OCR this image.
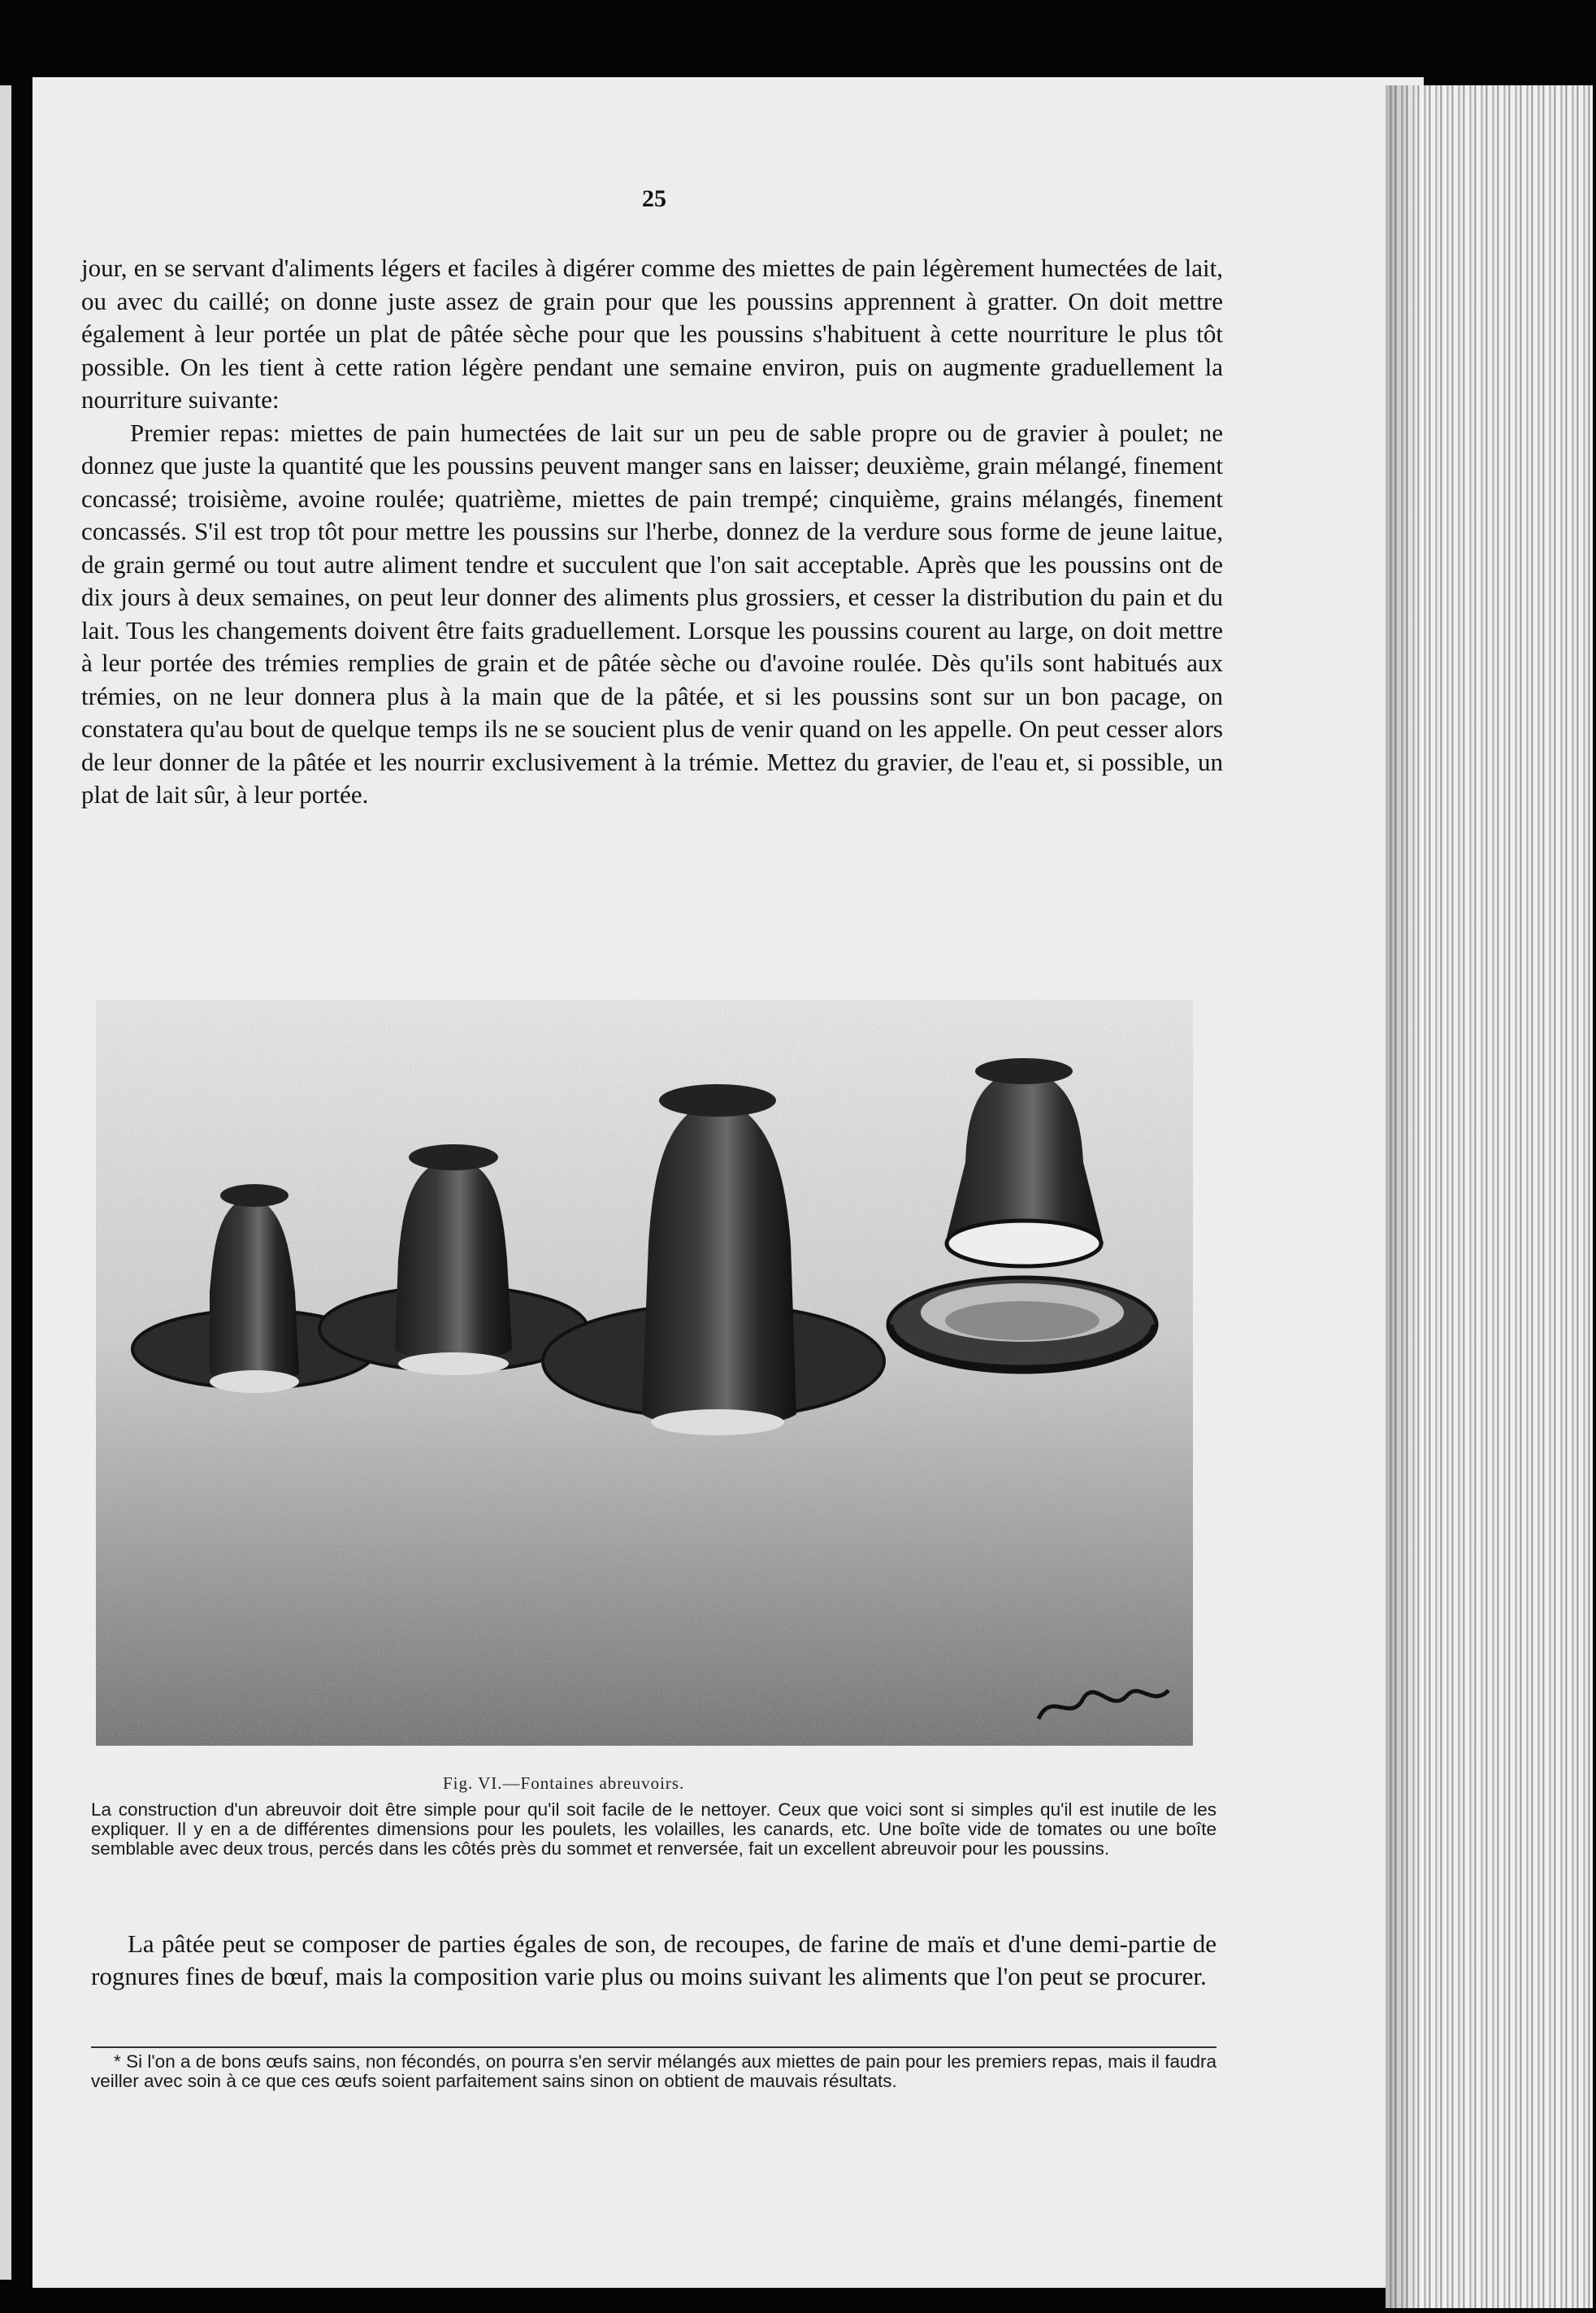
25

jour, en se servant d'aliments légers et faciles à digérer comme des miettes de pain légèrement humectées de lait, ou avec du caillé; on donne juste assez de grain pour que les poussins apprennent à gratter. On doit mettre également à leur portée un plat de pâtée sèche pour que les poussins s'habituent à cette nourriture le plus tôt possible. On les tient à cette ration légère pendant une semaine environ, puis on augmente graduellement la nourriture suivante:

Premier repas: miettes de pain humectées de lait sur un peu de sable propre ou de gravier à poulet; ne donnez que juste la quantité que les poussins peuvent manger sans en laisser; deuxième, grain mélangé, finement concassé; troisième, avoine roulée; quatrième, miettes de pain trempé; cinquième, grains mélangés, finement concassés. S'il est trop tôt pour mettre les poussins sur l'herbe, donnez de la verdure sous forme de jeune laitue, de grain germé ou tout autre aliment tendre et succulent que l'on sait acceptable. Après que les poussins ont de dix jours à deux semaines, on peut leur donner des aliments plus grossiers, et cesser la distribution du pain et du lait. Tous les changements doivent être faits graduellement. Lorsque les poussins courent au large, on doit mettre à leur portée des trémies remplies de grain et de pâtée sèche ou d'avoine roulée. Dès qu'ils sont habitués aux trémies, on ne leur donnera plus à la main que de la pâtée, et si les poussins sont sur un bon pacage, on constatera qu'au bout de quelque temps ils ne se soucient plus de venir quand on les appelle. On peut cesser alors de leur donner de la pâtée et les nourrir exclusivement à la trémie. Mettez du gravier, de l'eau et, si possible, un plat de lait sûr, à leur portée.

Fig. VI.—Fontaines abreuvoirs.
La construction d'un abreuvoir doit être simple pour qu'il soit facile de le nettoyer. Ceux que voici sont si simples qu'il est inutile de les expliquer. Il y en a de différentes dimensions pour les poulets, les volailles, les canards, etc. Une boîte vide de tomates ou une boîte semblable avec deux trous, percés dans les côtés près du sommet et renversée, fait un excellent abreuvoir pour les poussins.
La pâtée peut se composer de parties égales de son, de recoupes, de farine de maïs et d'une demi-partie de rognures fines de bœuf, mais la composition varie plus ou moins suivant les aliments que l'on peut se procurer.
* Si l'on a de bons œufs sains, non fécondés, on pourra s'en servir mélangés aux miettes de pain pour les premiers repas, mais il faudra veiller avec soin à ce que ces œufs soient parfaitement sains sinon on obtient de mauvais résultats.
